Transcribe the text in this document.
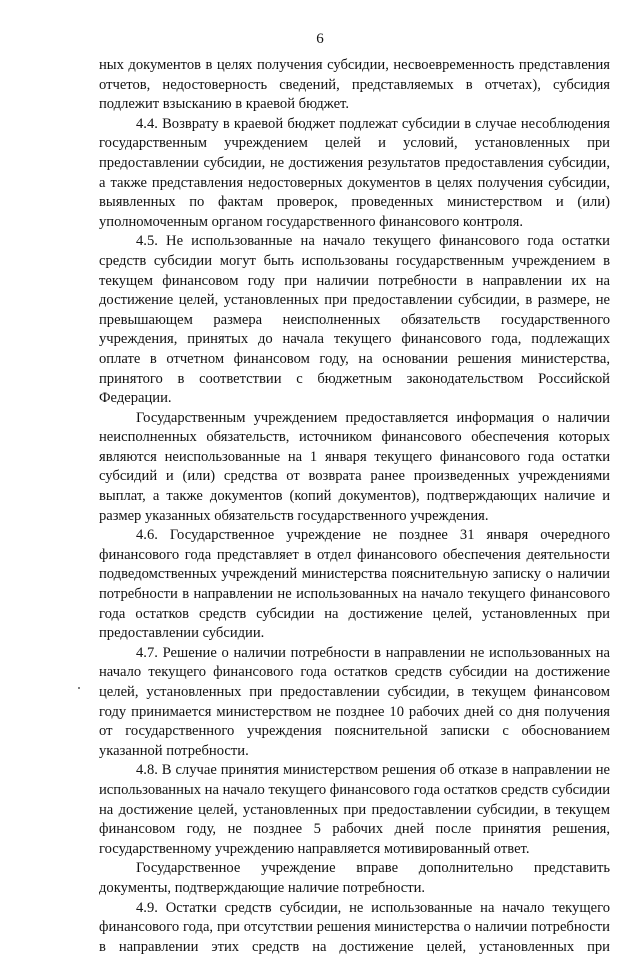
6

ных документов в целях получения субсидии, несвоевременность представления отчетов, недостоверность сведений, представляемых в отчетах), субсидия подлежит взысканию в краевой бюджет.

4.4. Возврату в краевой бюджет подлежат субсидии в случае несоблюдения государственным учреждением целей и условий, установленных при предоставлении субсидии, не достижения результатов предоставления субсидии, а также представления недостоверных документов в целях получения субсидии, выявленных по фактам проверок, проведенных министерством и (или) уполномоченным органом государственного финансового контроля.

4.5. Не использованные на начало текущего финансового года остатки средств субсидии могут быть использованы государственным учреждением в текущем финансовом году при наличии потребности в направлении их на достижение целей, установленных при предоставлении субсидии, в размере, не превышающем размера неисполненных обязательств государственного учреждения, принятых до начала текущего финансового года, подлежащих оплате в отчетном финансовом году, на основании решения министерства, принятого в соответствии с бюджетным законодательством Российской Федерации.

Государственным учреждением предоставляется информация о наличии неисполненных обязательств, источником финансового обеспечения которых являются неиспользованные на 1 января текущего финансового года остатки субсидий и (или) средства от возврата ранее произведенных учреждениями выплат, а также документов (копий документов), подтверждающих наличие и размер указанных обязательств государственного учреждения.

4.6. Государственное учреждение не позднее 31 января очередного финансового года представляет в отдел финансового обеспечения деятельности подведомственных учреждений министерства пояснительную записку о наличии потребности в направлении не использованных на начало текущего финансового года остатков средств субсидии на достижение целей, установленных при предоставлении субсидии.

4.7. Решение о наличии потребности в направлении не использованных на начало текущего финансового года остатков средств субсидии на достижение целей, установленных при предоставлении субсидии, в текущем финансовом году принимается министерством не позднее 10 рабочих дней со дня получения от государственного учреждения пояснительной записки с обоснованием указанной потребности.

4.8. В случае принятия министерством решения об отказе в направлении не использованных на начало текущего финансового года остатков средств субсидии на достижение целей, установленных при предоставлении субсидии, в текущем финансовом году, не позднее 5 рабочих дней после принятия решения, государственному учреждению направляется мотивированный ответ.

Государственное учреждение вправе дополнительно представить документы, подтверждающие наличие потребности.

4.9. Остатки средств субсидии, не использованные на начало текущего финансового года, при отсутствии решения министерства о наличии потребности в направлении этих средств на достижение целей, установленных при
